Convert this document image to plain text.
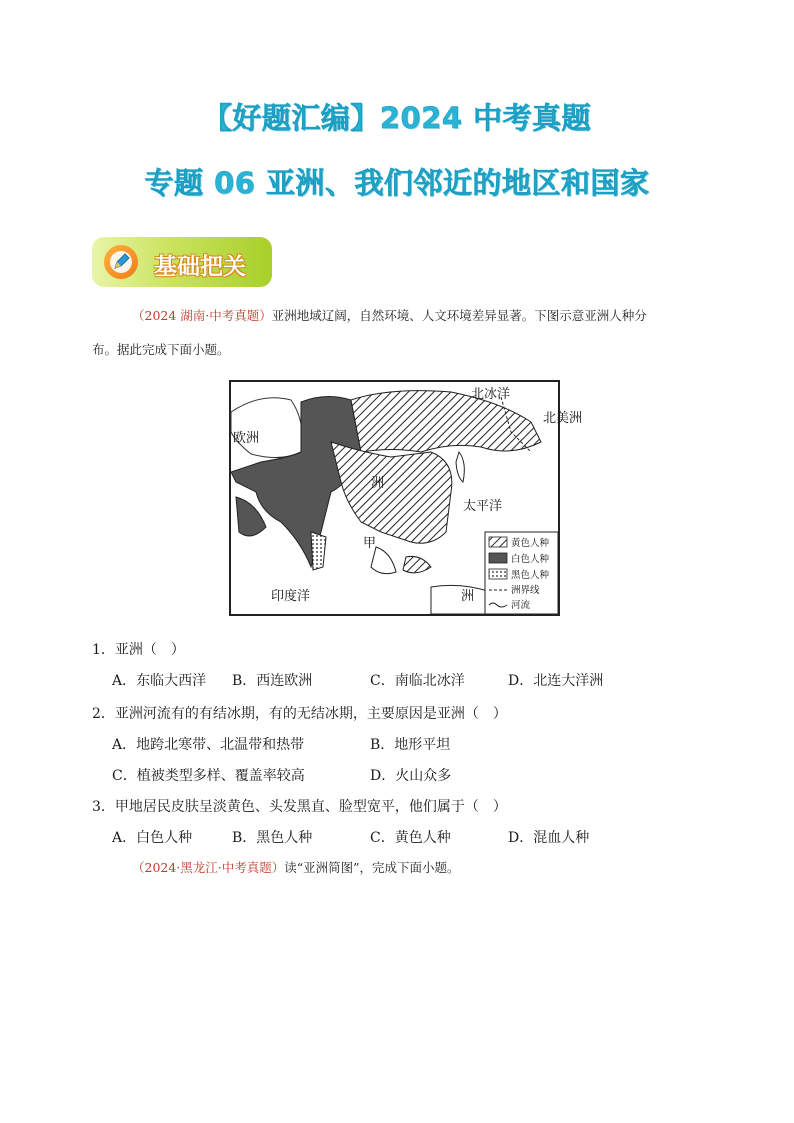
【好题汇编】2024 中考真题
专题 06 亚洲、我们邻近的地区和国家
基础把关
（2024 湖南·中考真题）亚洲地域辽阔，自然环境、人文环境差异显著。下图示意亚洲人种分
布。据此完成下面小题。
北冰洋
北美洲
欧洲
洲
太平洋
印度洋
甲
洲
黄色人种
白色人种
黑色人种
洲界线
河流
1．亚洲（　）
A．东临大西洋 B．西连欧洲	C．南临北冰洋	D．北连大洋洲
2．亚洲河流有的有结冰期，有的无结冰期，主要原因是亚洲（　）
A．地跨北寒带、北温带和热带	B．地形平坦
C．植被类型多样、覆盖率较高	D．火山众多
3．甲地居民皮肤呈淡黄色、头发黑直、脸型宽平，他们属于（　）
A．白色人种	B．黑色人种	C．黄色人种	D．混血人种
（2024·黑龙江·中考真题）读“亚洲简图”，完成下面小题。
